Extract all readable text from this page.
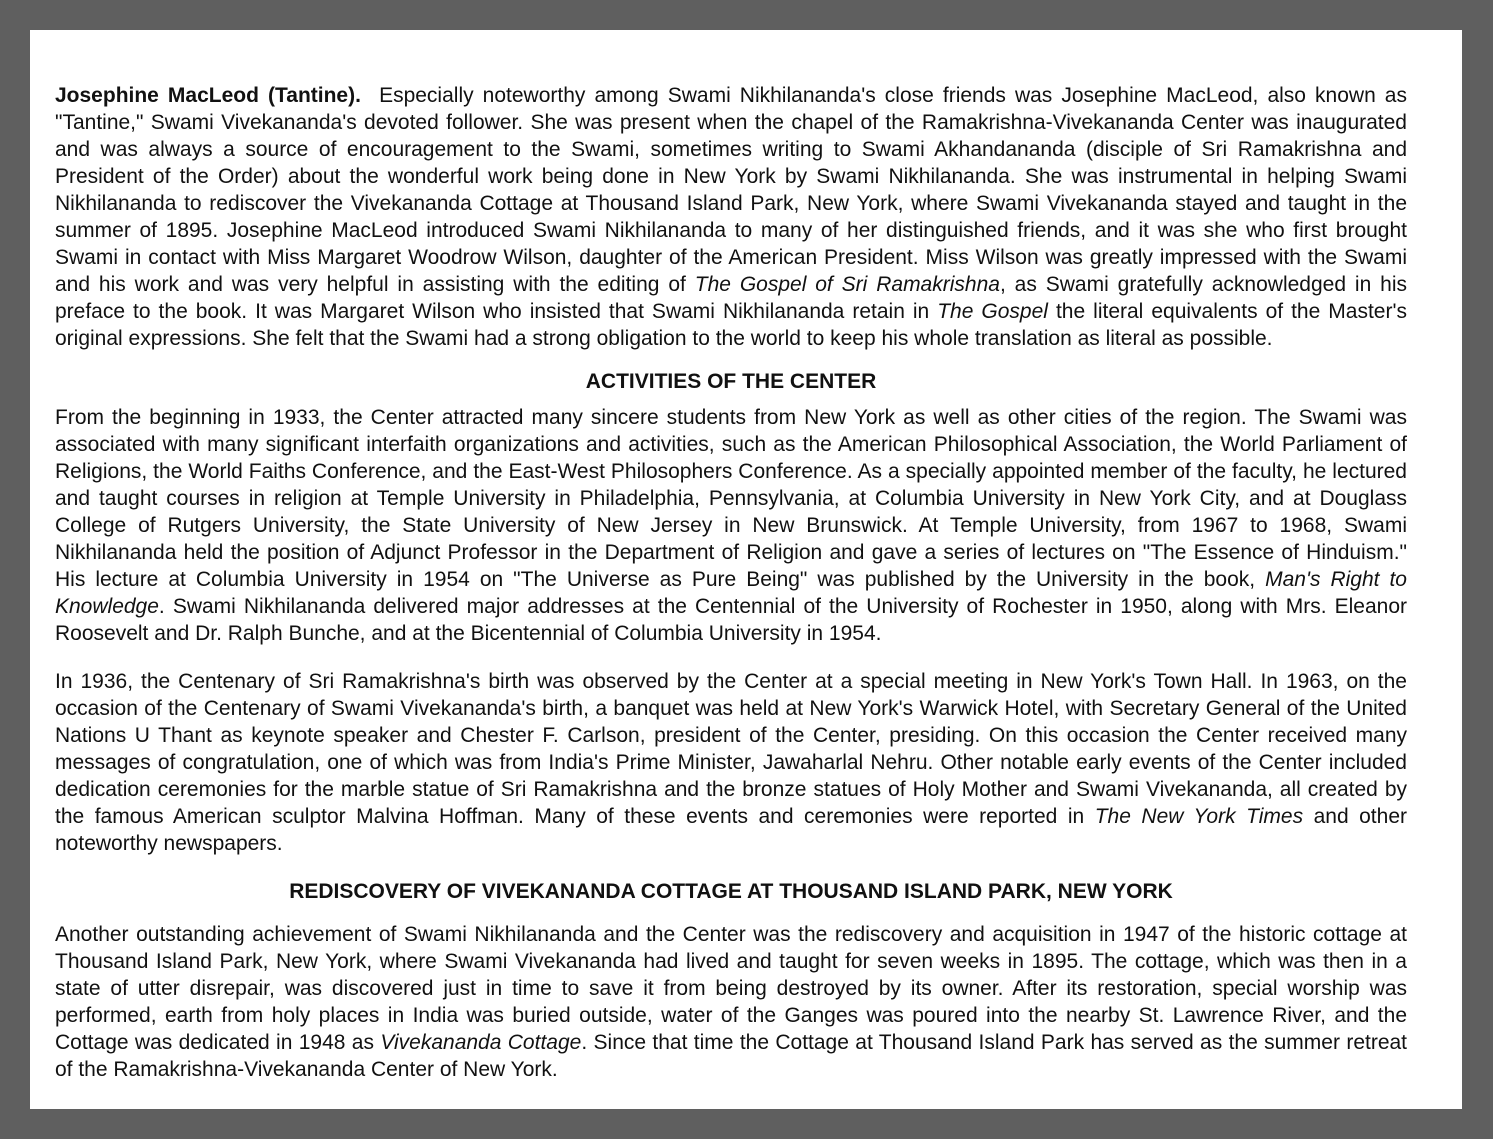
Josephine MacLeod (Tantine). Especially noteworthy among Swami Nikhilananda's close friends was Josephine MacLeod, also known as "Tantine," Swami Vivekananda's devoted follower. She was present when the chapel of the Ramakrishna-Vivekananda Center was inaugurated and was always a source of encouragement to the Swami, sometimes writing to Swami Akhandananda (disciple of Sri Ramakrishna and President of the Order) about the wonderful work being done in New York by Swami Nikhilananda. She was instrumental in helping Swami Nikhilananda to rediscover the Vivekananda Cottage at Thousand Island Park, New York, where Swami Vivekananda stayed and taught in the summer of 1895. Josephine MacLeod introduced Swami Nikhilananda to many of her distinguished friends, and it was she who first brought Swami in contact with Miss Margaret Woodrow Wilson, daughter of the American President. Miss Wilson was greatly impressed with the Swami and his work and was very helpful in assisting with the editing of The Gospel of Sri Ramakrishna, as Swami gratefully acknowledged in his preface to the book. It was Margaret Wilson who insisted that Swami Nikhilananda retain in The Gospel the literal equivalents of the Master's original expressions. She felt that the Swami had a strong obligation to the world to keep his whole translation as literal as possible.

ACTIVITIES OF THE CENTER

From the beginning in 1933, the Center attracted many sincere students from New York as well as other cities of the region. The Swami was associated with many significant interfaith organizations and activities, such as the American Philosophical Association, the World Parliament of Religions, the World Faiths Conference, and the East-West Philosophers Conference. As a specially appointed member of the faculty, he lectured and taught courses in religion at Temple University in Philadelphia, Pennsylvania, at Columbia University in New York City, and at Douglass College of Rutgers University, the State University of New Jersey in New Brunswick. At Temple University, from 1967 to 1968, Swami Nikhilananda held the position of Adjunct Professor in the Department of Religion and gave a series of lectures on "The Essence of Hinduism." His lecture at Columbia University in 1954 on "The Universe as Pure Being" was published by the University in the book, Man's Right to Knowledge. Swami Nikhilananda delivered major addresses at the Centennial of the University of Rochester in 1950, along with Mrs. Eleanor Roosevelt and Dr. Ralph Bunche, and at the Bicentennial of Columbia University in 1954.

In 1936, the Centenary of Sri Ramakrishna's birth was observed by the Center at a special meeting in New York's Town Hall. In 1963, on the occasion of the Centenary of Swami Vivekananda's birth, a banquet was held at New York's Warwick Hotel, with Secretary General of the United Nations U Thant as keynote speaker and Chester F. Carlson, president of the Center, presiding. On this occasion the Center received many messages of congratulation, one of which was from India's Prime Minister, Jawaharlal Nehru. Other notable early events of the Center included dedication ceremonies for the marble statue of Sri Ramakrishna and the bronze statues of Holy Mother and Swami Vivekananda, all created by the famous American sculptor Malvina Hoffman. Many of these events and ceremonies were reported in The New York Times and other noteworthy newspapers.

REDISCOVERY OF VIVEKANANDA COTTAGE AT THOUSAND ISLAND PARK, NEW YORK

Another outstanding achievement of Swami Nikhilananda and the Center was the rediscovery and acquisition in 1947 of the historic cottage at Thousand Island Park, New York, where Swami Vivekananda had lived and taught for seven weeks in 1895. The cottage, which was then in a state of utter disrepair, was discovered just in time to save it from being destroyed by its owner. After its restoration, special worship was performed, earth from holy places in India was buried outside, water of the Ganges was poured into the nearby St. Lawrence River, and the Cottage was dedicated in 1948 as Vivekananda Cottage. Since that time the Cottage at Thousand Island Park has served as the summer retreat of the Ramakrishna-Vivekananda Center of New York.
